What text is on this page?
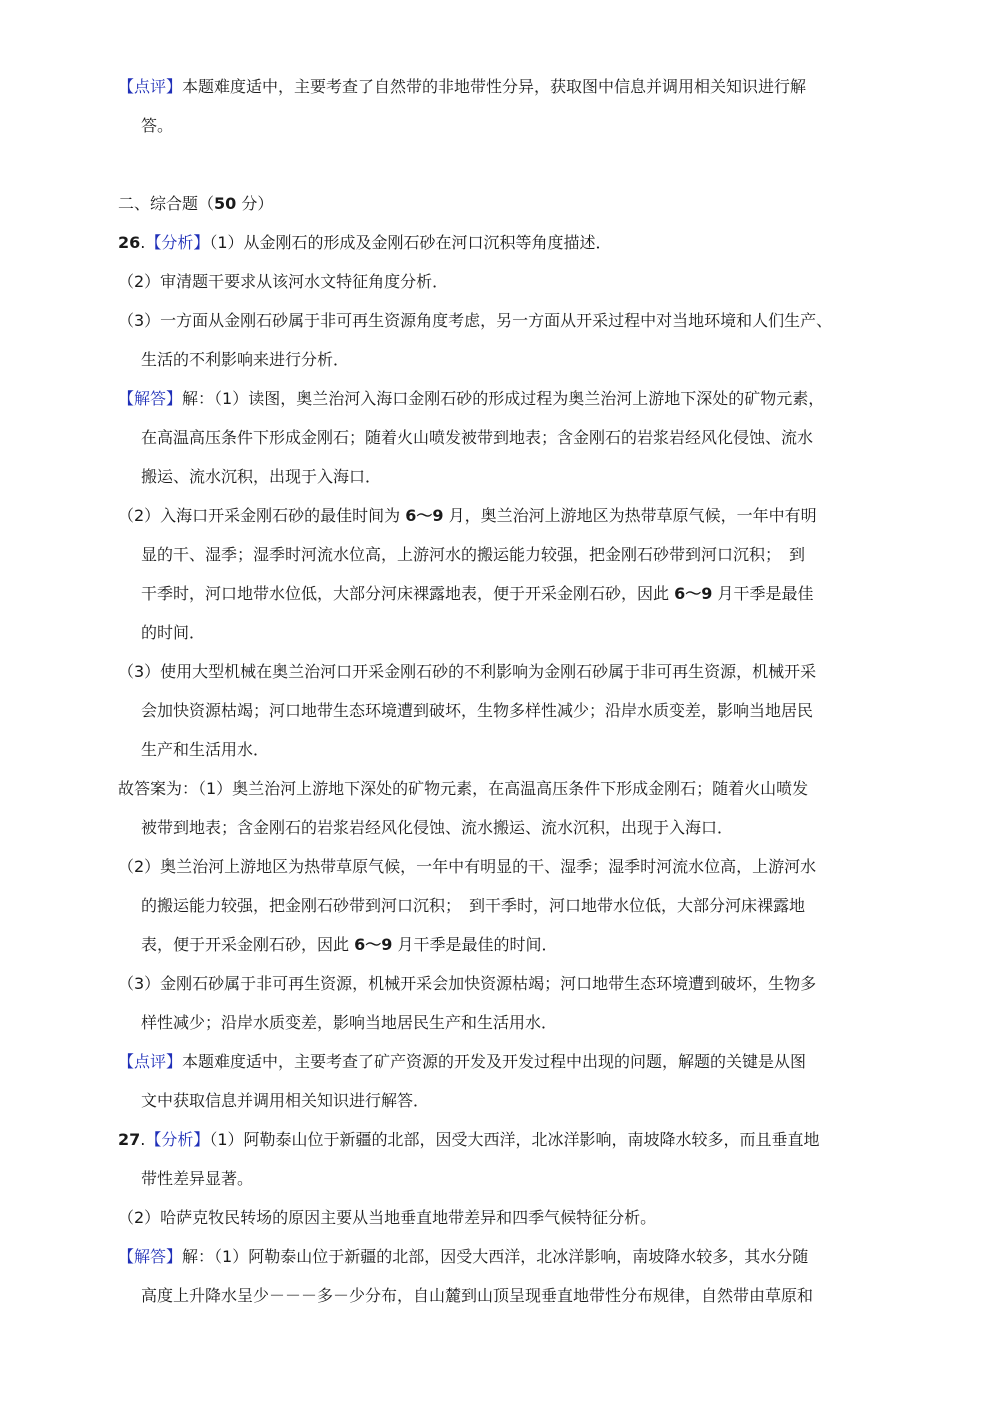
【点评】本题难度适中，主要考查了自然带的非地带性分异，获取图中信息并调用相关知识进行解
答。
二、综合题（50 分）
26.【分析】（1）从金刚石的形成及金刚石砂在河口沉积等角度描述．
（2）审清题干要求从该河水文特征角度分析．
（3）一方面从金刚石砂属于非可再生资源角度考虑，另一方面从开采过程中对当地环境和人们生产、
生活的不利影响来进行分析．
【解答】解：（1）读图，奥兰治河入海口金刚石砂的形成过程为奥兰治河上游地下深处的矿物元素，
在高温高压条件下形成金刚石；随着火山喷发被带到地表；含金刚石的岩浆岩经风化侵蚀、流水
搬运、流水沉积，出现于入海口．
（2）入海口开采金刚石砂的最佳时间为 6～9 月，奥兰治河上游地区为热带草原气候，一年中有明
显的干、湿季；湿季时河流水位高，上游河水的搬运能力较强，把金刚石砂带到河口沉积；　到
干季时，河口地带水位低，大部分河床裸露地表，便于开采金刚石砂，因此 6～9 月干季是最佳
的时间．
（3）使用大型机械在奥兰治河口开采金刚石砂的不利影响为金刚石砂属于非可再生资源，机械开采
会加快资源枯竭；河口地带生态环境遭到破坏，生物多样性减少；沿岸水质变差，影响当地居民
生产和生活用水．
故答案为：（1）奥兰治河上游地下深处的矿物元素，在高温高压条件下形成金刚石；随着火山喷发
被带到地表；含金刚石的岩浆岩经风化侵蚀、流水搬运、流水沉积，出现于入海口．
（2）奥兰治河上游地区为热带草原气候，一年中有明显的干、湿季；湿季时河流水位高，上游河水
的搬运能力较强，把金刚石砂带到河口沉积；　到干季时，河口地带水位低，大部分河床裸露地
表，便于开采金刚石砂，因此 6～9 月干季是最佳的时间．
（3）金刚石砂属于非可再生资源，机械开采会加快资源枯竭；河口地带生态环境遭到破坏，生物多
样性减少；沿岸水质变差，影响当地居民生产和生活用水．
【点评】本题难度适中，主要考查了矿产资源的开发及开发过程中出现的问题，解题的关键是从图
文中获取信息并调用相关知识进行解答．
27.【分析】（1）阿勒泰山位于新疆的北部，因受大西洋，北冰洋影响，南坡降水较多，而且垂直地
带性差异显著。
（2）哈萨克牧民转场的原因主要从当地垂直地带差异和四季气候特征分析。
【解答】解：（1）阿勒泰山位于新疆的北部，因受大西洋，北冰洋影响，南坡降水较多，其水分随
高度上升降水呈少－－－多－少分布，自山麓到山顶呈现垂直地带性分布规律，自然带由草原和
